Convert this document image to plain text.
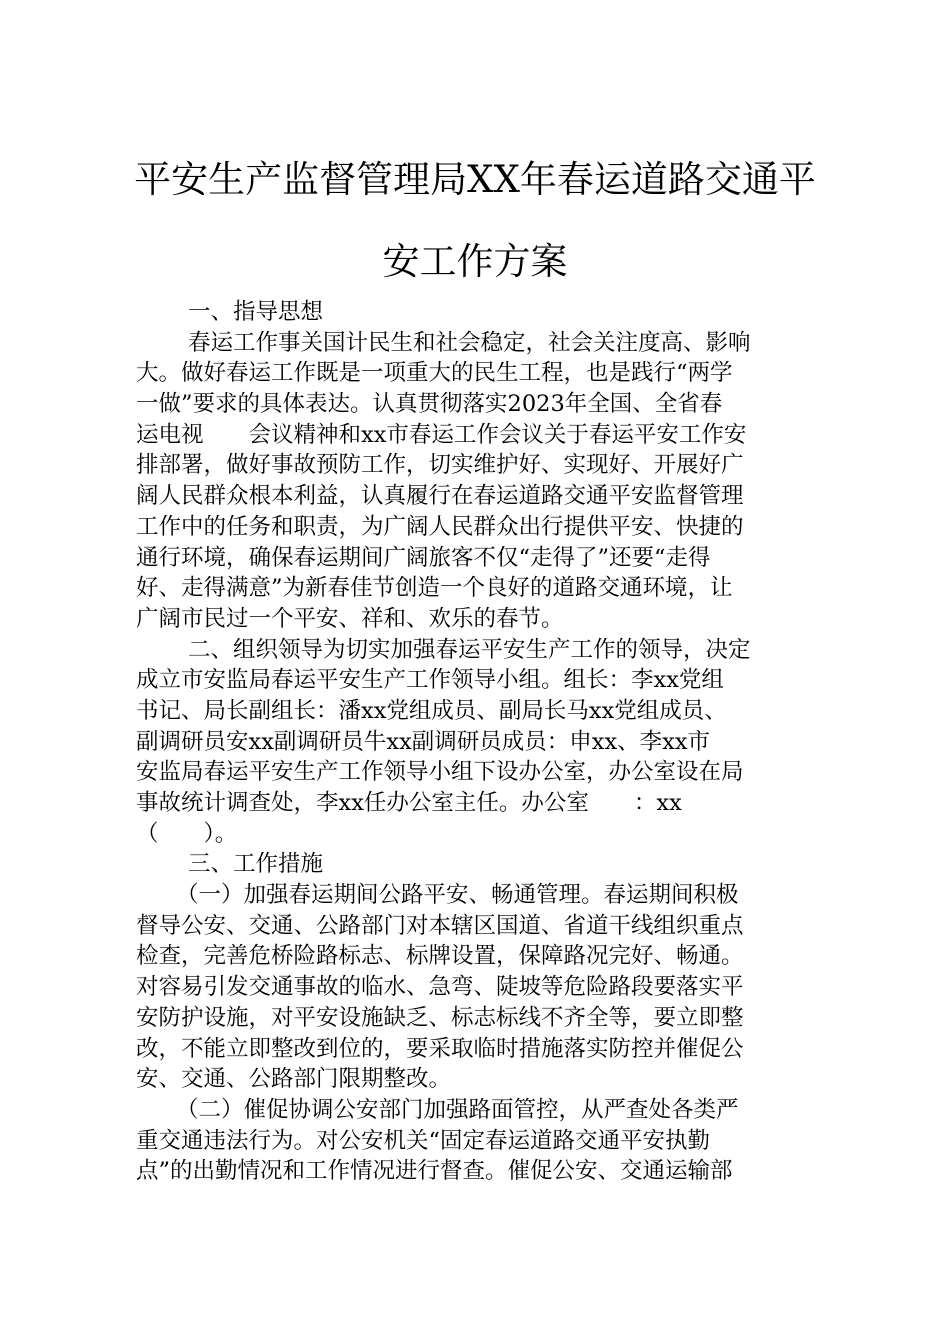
平安生产监督管理局XX年春运道路交通平
安工作方案
一、指导思想
春运工作事关国计民生和社会稳定，社会关注度高、影响
大。做好春运工作既是一项重大的民生工程，也是践行“两学
一做”要求的具体表达。认真贯彻落实2023年全国、全省春
运电视　　会议精神和xx市春运工作会议关于春运平安工作安
排部署，做好事故预防工作，切实维护好、实现好、开展好广
阔人民群众根本利益，认真履行在春运道路交通平安监督管理
工作中的任务和职责，为广阔人民群众出行提供平安、快捷的
通行环境，确保春运期间广阔旅客不仅“走得了”还要“走得
好、走得满意”为新春佳节创造一个良好的道路交通环境，让
广阔市民过一个平安、祥和、欢乐的春节。
二、组织领导为切实加强春运平安生产工作的领导，决定
成立市安监局春运平安生产工作领导小组。组长：李xx党组
书记、局长副组长：潘xx党组成员、副局长马xx党组成员、
副调研员安xx副调研员牛xx副调研员成员：申xx、李xx市
安监局春运平安生产工作领导小组下设办公室，办公室设在局
事故统计调查处，李xx任办公室主任。办公室　　：xx
（　　）。
三、工作措施
（一）加强春运期间公路平安、畅通管理。春运期间积极
督导公安、交通、公路部门对本辖区国道、省道干线组织重点
检查，完善危桥险路标志、标牌设置，保障路况完好、畅通。
对容易引发交通事故的临水、急弯、陡坡等危险路段要落实平
安防护设施，对平安设施缺乏、标志标线不齐全等，要立即整
改，不能立即整改到位的，要采取临时措施落实防控并催促公
安、交通、公路部门限期整改。
（二）催促协调公安部门加强路面管控，从严查处各类严
重交通违法行为。对公安机关“固定春运道路交通平安执勤
点”的出勤情况和工作情况进行督查。催促公安、交通运输部
